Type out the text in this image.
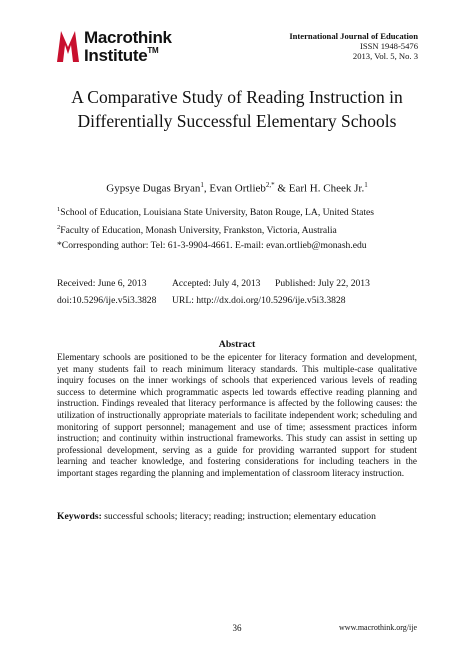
Macrothink
Institute™
International Journal of Education
ISSN 1948-5476
2013, Vol. 5, No. 3
A Comparative Study of Reading Instruction in
Differentially Successful Elementary Schools
Gypsye Dugas Bryan$^1$, Evan Ortlieb$^{2,*}$ & Earl H. Cheek Jr.$^1$
$^1$School of Education, Louisiana State University, Baton Rouge, LA, United States
$^2$Faculty of Education, Monash University, Frankston, Victoria, Australia
*Corresponding author: Tel: 61-3-9904-4661. E-mail: evan.ortlieb@monash.edu
Received: June 6, 2013	Accepted: July 4, 2013 Published: July 22, 2013
doi:10.5296/ije.v5i3.3828 URL: http://dx.doi.org/10.5296/ije.v5i3.3828
Abstract

Elementary schools are positioned to be the epicenter for literacy formation and development, yet many students fail to reach minimum literacy standards. This multiple-case qualitative inquiry focuses on the inner workings of schools that experienced various levels of reading success to determine which programmatic aspects led towards effective reading planning and instruction. Findings revealed that literacy performance is affected by the following causes: the utilization of instructionally appropriate materials to facilitate independent work; scheduling and monitoring of support personnel; management and use of time; assessment practices inform instruction; and continuity within instructional frameworks. This study can assist in setting up professional development, serving as a guide for providing warranted support for student learning and teacher knowledge, and fostering considerations for including teachers in the important stages regarding the planning and implementation of classroom literacy instruction.

Keywords: successful schools; literacy; reading; instruction; elementary education
36	www.macrothink.org/ije
